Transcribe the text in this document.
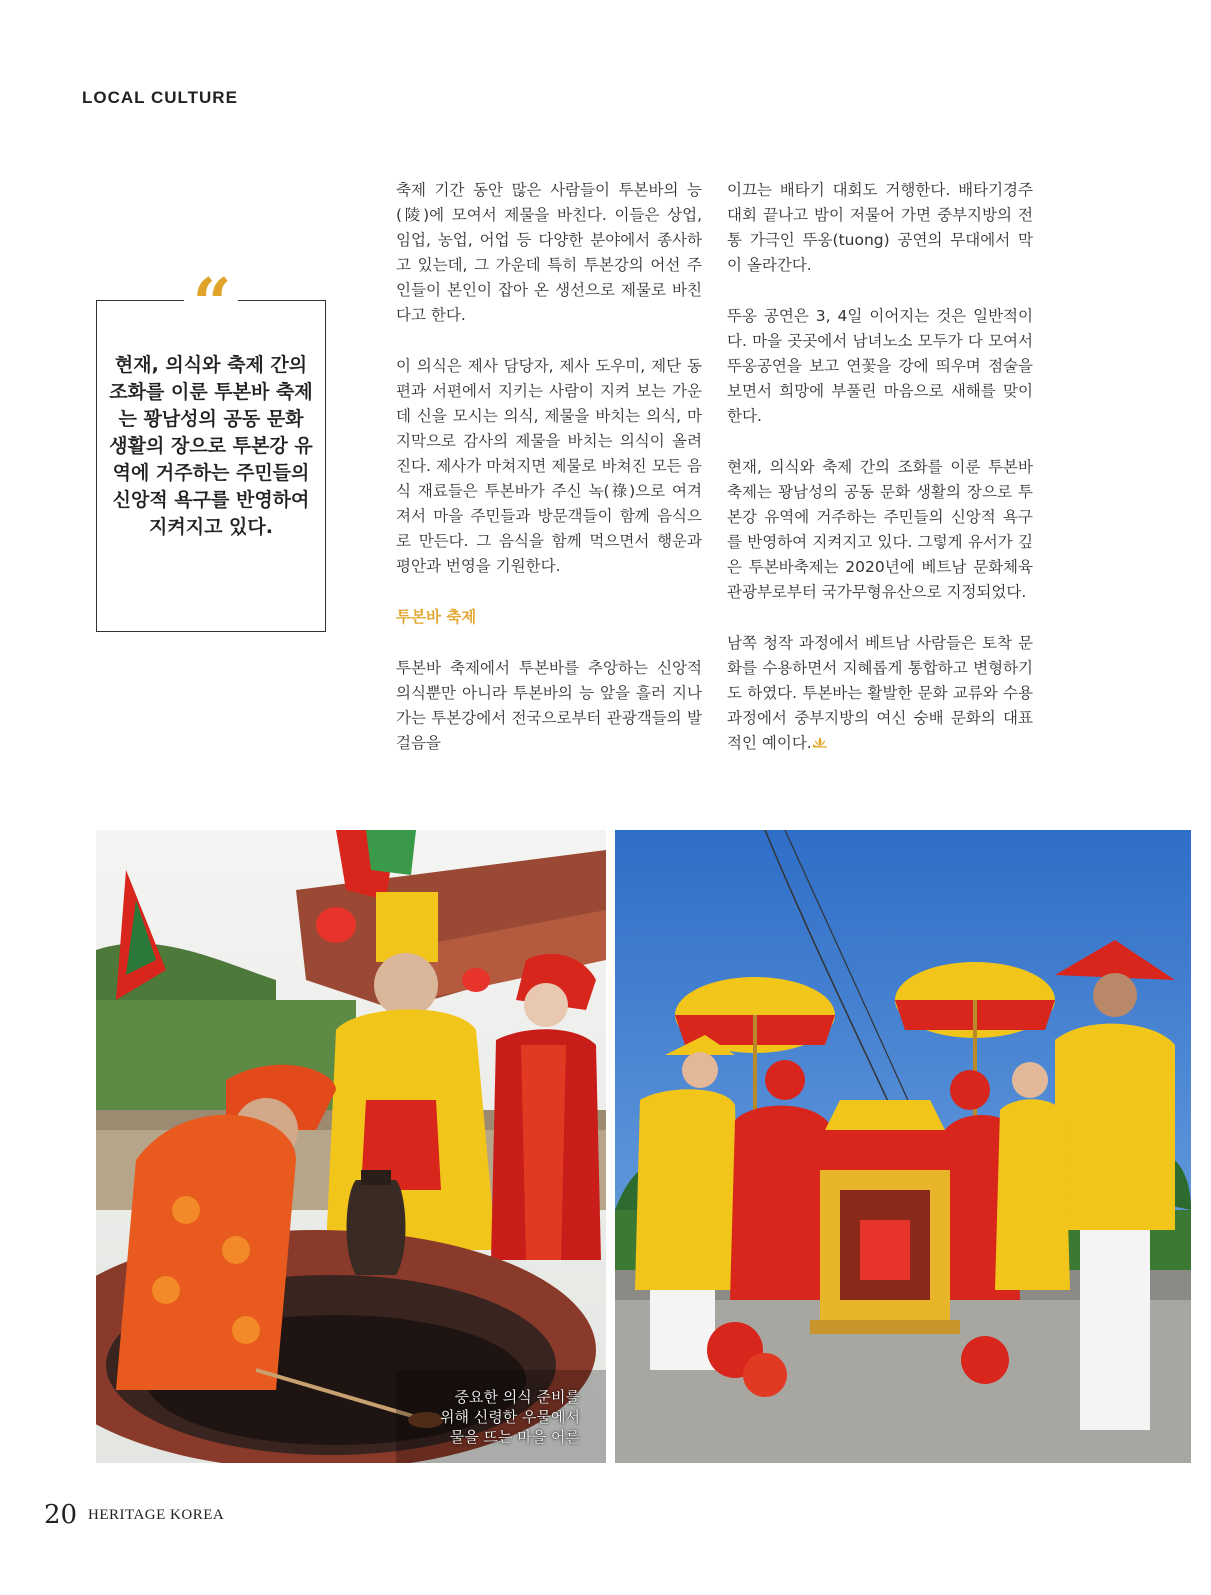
LOCAL CULTURE
“
현재, 의식와 축제 간의 조화를 이룬 투본바 축제는 꽝남성의 공동 문화 생활의 장으로 투본강 유역에 거주하는 주민들의 신앙적 욕구를 반영하여 지켜지고 있다.

축제 기간 동안 많은 사람들이 투본바의 능(陵)에 모여서 제물을 바친다. 이들은 상업, 임업, 농업, 어업 등 다양한 분야에서 종사하고 있는데, 그 가운데 특히 투본강의 어선 주인들이 본인이 잡아 온 생선으로 제물로 바친다고 한다.

이 의식은 제사 담당자, 제사 도우미, 제단 동편과 서편에서 지키는 사람이 지켜 보는 가운데 신을 모시는 의식, 제물을 바치는 의식, 마지막으로 감사의 제물을 바치는 의식이 올려진다. 제사가 마쳐지면 제물로 바쳐진 모든 음식 재료들은 투본바가 주신 녹(祿)으로 여겨져서 마을 주민들과 방문객들이 함께 음식으로 만든다. 그 음식을 함께 먹으면서 행운과 평안과 번영을 기원한다.

투본바 축제

투본바 축제에서 투본바를 추앙하는 신앙적 의식뿐만 아니라 투본바의 능 앞을 흘러 지나가는 투본강에서 전국으로부터 관광객들의 발걸음을

이끄는 배타기 대회도 거행한다. 배타기경주대회 끝나고 밤이 저물어 가면 중부지방의 전통 가극인 뚜옹(tuong) 공연의 무대에서 막이 올라간다.

뚜옹 공연은 3, 4일 이어지는 것은 일반적이다. 마을 곳곳에서 남녀노소 모두가 다 모여서 뚜옹공연을 보고 연꽃을 강에 띄우며 점술을 보면서 희망에 부풀린 마음으로 새해를 맞이한다.

현재, 의식와 축제 간의 조화를 이룬 투본바 축제는 꽝남성의 공동 문화 생활의 장으로 투본강 유역에 거주하는 주민들의 신앙적 욕구를 반영하여 지켜지고 있다. 그렇게 유서가 깊은 투본바축제는 2020년에 베트남 문화체육관광부로부터 국가무형유산으로 지정되었다.

남쪽 청작 과정에서 베트남 사람들은 토착 문화를 수용하면서 지혜롭게 통합하고 변형하기도 하였다. 투본바는 활발한 문화 교류와 수용 과정에서 중부지방의 여신 숭배 문화의 대표적인 예이다.

중요한 의식 준비를
위해 신령한 우물에서
물을 뜨는 마을 어른
20 HERITAGE KOREA
